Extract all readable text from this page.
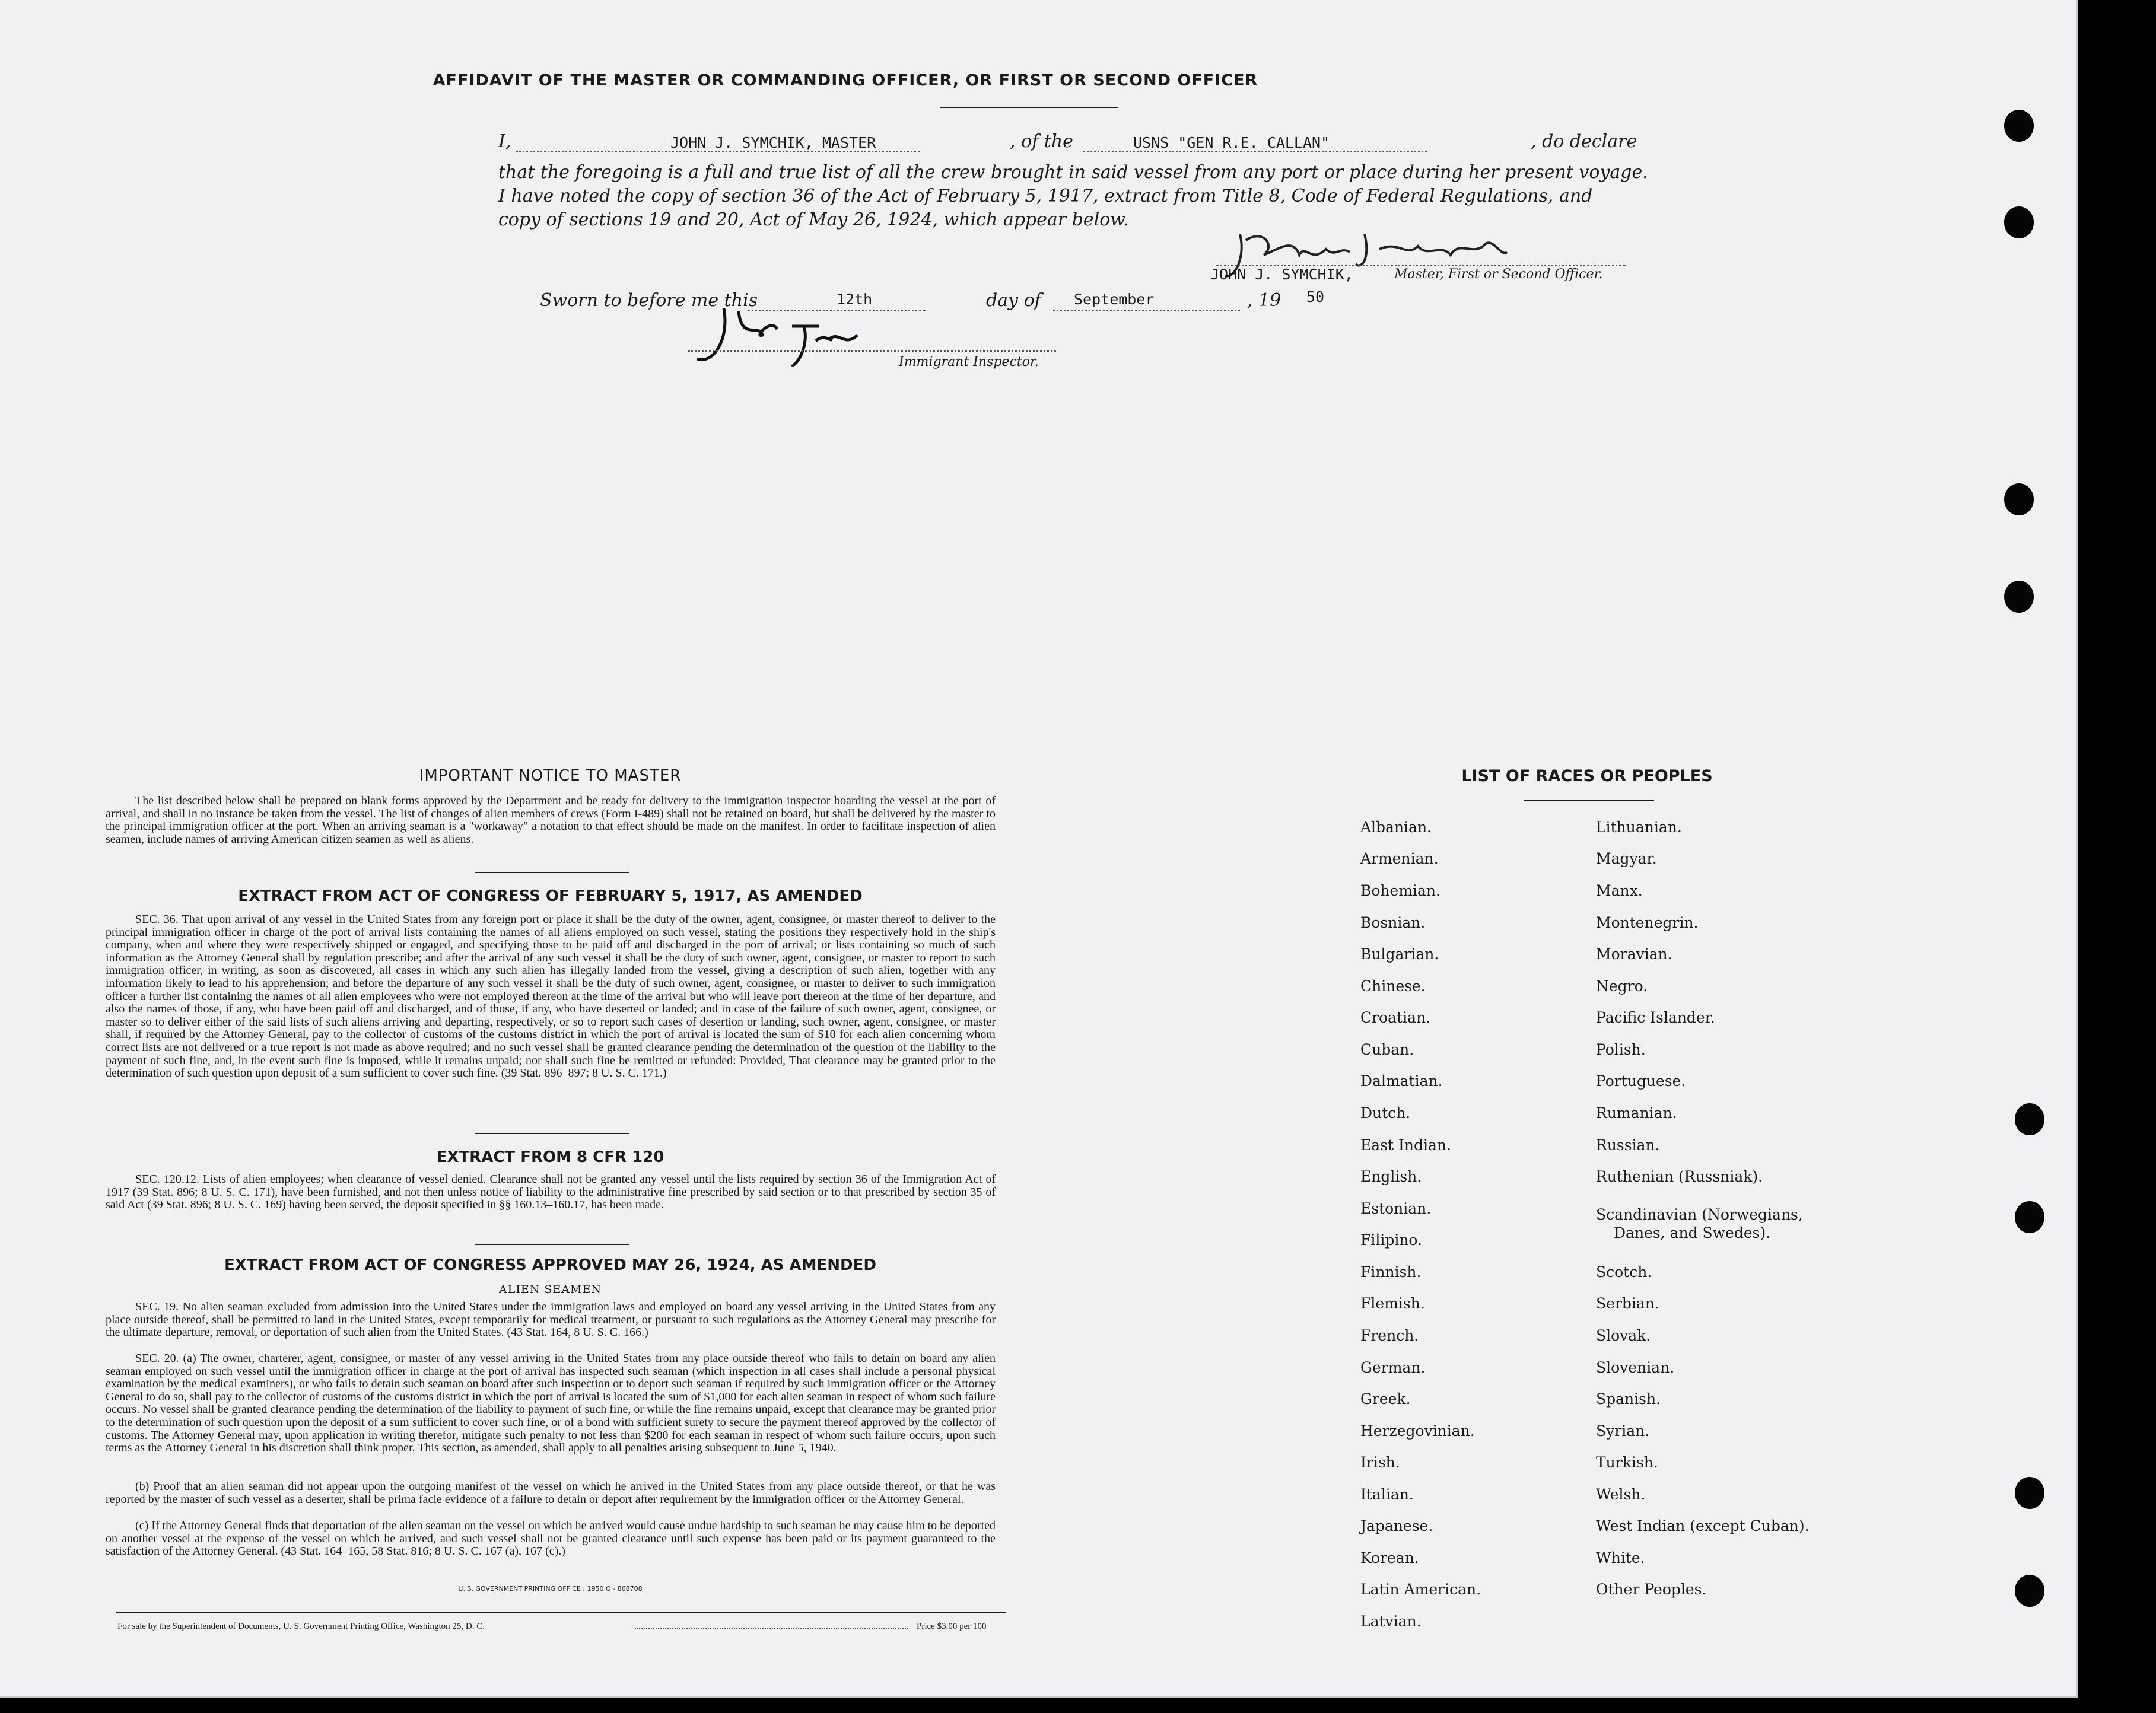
AFFIDAVIT OF THE MASTER OR COMMANDING OFFICER, OR FIRST OR SECOND OFFICER
I,	JOHN J. SYMCHIK, MASTER	, of the	USNS "GEN R.E. CALLAN"	, do declare
that the foregoing is a full and true list of all the crew brought in said vessel from any port or place during her present voyage.
I have noted the copy of section 36 of the Act of February 5, 1917, extract from Title 8, Code of Federal Regulations, and
copy of sections 19 and 20, Act of May 26, 1924, which appear below.
JOHN J. SYMCHIK,	Master, First or Second Officer.
Sworn to before me this	12th	day of September	, 19 50
Immigrant Inspector.
IMPORTANT NOTICE TO MASTER

The list described below shall be prepared on blank forms approved by the Department and be ready for delivery to the immigration inspector boarding the vessel at the port of arrival, and shall in no instance be taken from the vessel. The list of changes of alien members of crews (Form I-489) shall not be retained on board, but shall be delivered by the master to the principal immigration officer at the port. When an arriving seaman is a "workaway" a notation to that effect should be made on the manifest. In order to facilitate inspection of alien seamen, include names of arriving American citizen seamen as well as aliens.

EXTRACT FROM ACT OF CONGRESS OF FEBRUARY 5, 1917, AS AMENDED

SEC. 36. That upon arrival of any vessel in the United States from any foreign port or place it shall be the duty of the owner, agent, consignee, or master thereof to deliver to the principal immigration officer in charge of the port of arrival lists containing the names of all aliens employed on such vessel, stating the positions they respectively hold in the ship's company, when and where they were respectively shipped or engaged, and specifying those to be paid off and discharged in the port of arrival; or lists containing so much of such information as the Attorney General shall by regulation prescribe; and after the arrival of any such vessel it shall be the duty of such owner, agent, consignee, or master to report to such immigration officer, in writing, as soon as discovered, all cases in which any such alien has illegally landed from the vessel, giving a description of such alien, together with any information likely to lead to his apprehension; and before the departure of any such vessel it shall be the duty of such owner, agent, consignee, or master to deliver to such immigration officer a further list containing the names of all alien employees who were not employed thereon at the time of the arrival but who will leave port thereon at the time of her departure, and also the names of those, if any, who have been paid off and discharged, and of those, if any, who have deserted or landed; and in case of the failure of such owner, agent, consignee, or master so to deliver either of the said lists of such aliens arriving and departing, respectively, or so to report such cases of desertion or landing, such owner, agent, consignee, or master shall, if required by the Attorney General, pay to the collector of customs of the customs district in which the port of arrival is located the sum of $10 for each alien concerning whom correct lists are not delivered or a true report is not made as above required; and no such vessel shall be granted clearance pending the determination of the question of the liability to the payment of such fine, and, in the event such fine is imposed, while it remains unpaid; nor shall such fine be remitted or refunded: Provided, That clearance may be granted prior to the determination of such question upon deposit of a sum sufficient to cover such fine. (39 Stat. 896–897; 8 U. S. C. 171.)

EXTRACT FROM 8 CFR 120

SEC. 120.12. Lists of alien employees; when clearance of vessel denied. Clearance shall not be granted any vessel until the lists required by section 36 of the Immigration Act of 1917 (39 Stat. 896; 8 U. S. C. 171), have been furnished, and not then unless notice of liability to the administrative fine prescribed by said section or to that prescribed by section 35 of said Act (39 Stat. 896; 8 U. S. C. 169) having been served, the deposit specified in §§ 160.13–160.17, has been made.

EXTRACT FROM ACT OF CONGRESS APPROVED MAY 26, 1924, AS AMENDED
ALIEN SEAMEN

SEC. 19. No alien seaman excluded from admission into the United States under the immigration laws and employed on board any vessel arriving in the United States from any place outside thereof, shall be permitted to land in the United States, except temporarily for medical treatment, or pursuant to such regulations as the Attorney General may prescribe for the ultimate departure, removal, or deportation of such alien from the United States. (43 Stat. 164, 8 U. S. C. 166.)

SEC. 20. (a) The owner, charterer, agent, consignee, or master of any vessel arriving in the United States from any place outside thereof who fails to detain on board any alien seaman employed on such vessel until the immigration officer in charge at the port of arrival has inspected such seaman (which inspection in all cases shall include a personal physical examination by the medical examiners), or who fails to detain such seaman on board after such inspection or to deport such seaman if required by such immigration officer or the Attorney General to do so, shall pay to the collector of customs of the customs district in which the port of arrival is located the sum of $1,000 for each alien seaman in respect of whom such failure occurs. No vessel shall be granted clearance pending the determination of the liability to payment of such fine, or while the fine remains unpaid, except that clearance may be granted prior to the determination of such question upon the deposit of a sum sufficient to cover such fine, or of a bond with sufficient surety to secure the payment thereof approved by the collector of customs. The Attorney General may, upon application in writing therefor, mitigate such penalty to not less than $200 for each seaman in respect of whom such failure occurs, upon such terms as the Attorney General in his discretion shall think proper. This section, as amended, shall apply to all penalties arising subsequent to June 5, 1940.

(b) Proof that an alien seaman did not appear upon the outgoing manifest of the vessel on which he arrived in the United States from any place outside thereof, or that he was reported by the master of such vessel as a deserter, shall be prima facie evidence of a failure to detain or deport after requirement by the immigration officer or the Attorney General.

(c) If the Attorney General finds that deportation of the alien seaman on the vessel on which he arrived would cause undue hardship to such seaman he may cause him to be deported on another vessel at the expense of the vessel on which he arrived, and such vessel shall not be granted clearance until such expense has been paid or its payment guaranteed to the satisfaction of the Attorney General. (43 Stat. 164–165, 58 Stat. 816; 8 U. S. C. 167 (a), 167 (c).)

U. S. GOVERNMENT PRINTING OFFICE : 1950 O - 868708
For sale by the Superintendent of Documents, U. S. Government Printing Office, Washington 25, D. C.	Price $3.00 per 100
LIST OF RACES OR PEOPLES
Albanian.
Armenian.
Bohemian.
Bosnian.
Bulgarian.
Chinese.
Croatian.
Cuban.
Dalmatian.
Dutch.
East Indian.
English.
Estonian.
Filipino.
Finnish.
Flemish.
French.
German.
Greek.
Herzegovinian.
Irish.
Italian.
Japanese.
Korean.
Latin American.
Latvian.
Lithuanian.
Magyar.
Manx.
Montenegrin.
Moravian.
Negro.
Pacific Islander.
Polish.
Portuguese.
Rumanian.
Russian.
Ruthenian (Russniak).
Scandinavian (Norwegians,
Danes, and Swedes).
Scotch.
Serbian.
Slovak.
Slovenian.
Spanish.
Syrian.
Turkish.
Welsh.
West Indian (except Cuban).
White.
Other Peoples.
